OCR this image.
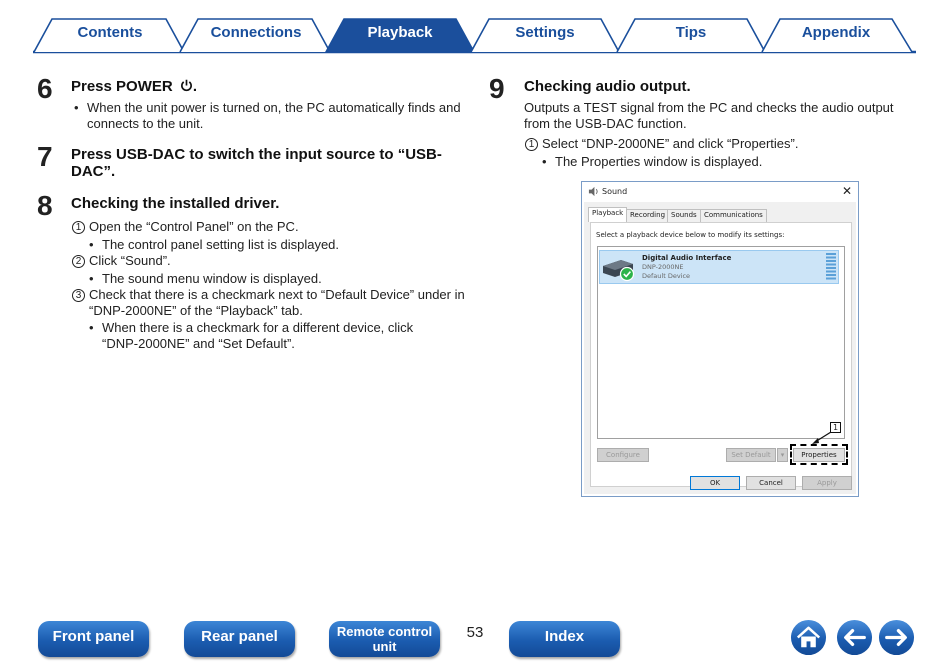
Contents	Connections	Playback	Settings	Tips	Appendix
6 Press POWER .
• When the unit power is turned on, the PC automatically finds and
connects to the unit.
7 Press USB-DAC to switch the input source to “USB-
DAC”.
8 Checking the installed driver.
1 Open the “Control Panel” on the PC.
• The control panel setting list is displayed.
2 Click “Sound”.
• The sound menu window is displayed.
3 Check that there is a checkmark next to “Default Device” under in
“DNP-2000NE” of the “Playback” tab.
• When there is a checkmark for a different device, click
“DNP-2000NE” and “Set Default”.
9 Checking audio output.
Outputs a TEST signal from the PC and checks the audio output
from the USB-DAC function.
1 Select “DNP-2000NE” and click “Properties”.
• The Properties window is displayed.
Sound	✕
Playback Recording Sounds	Communications
Select a playback device below to modify its settings:
Digital Audio Interface
DNP-2000NE
Default Device
1
Configure	Set Default	▾	Properties
OK	Cancel	Apply
Front panel	Rear panel	Remote control
unit
53	Index
